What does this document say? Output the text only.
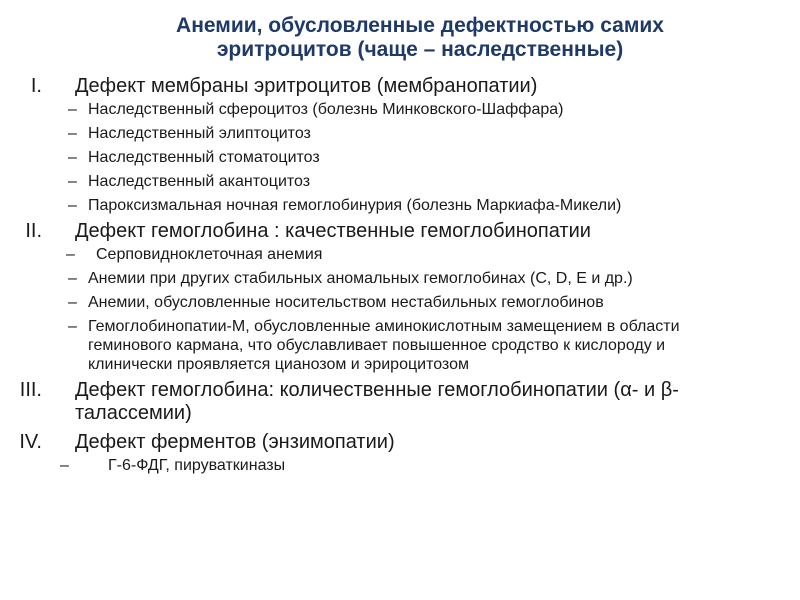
Анемии, обусловленные дефектностью самих
эритроцитов (чаще – наследственные)
I. Дефект мембраны эритроцитов (мембранопатии)
– Наследственный сфероцитоз (болезнь Минковского-Шаффара)
– Наследственный элиптоцитоз
– Наследственный стоматоцитоз
– Наследственный акантоцитоз
– Пароксизмальная ночная гемоглобинурия (болезнь Маркиафа-Микели)
II. Дефект гемоглобина : качественные гемоглобинопатии
– Серповидноклеточная анемия
– Анемии при других стабильных аномальных гемоглобинах (C, D, E и др.)
– Анемии, обусловленные носительством нестабильных гемоглобинов
– Гемоглобинопатии-М, обусловленные аминокислотным замещением в области геминового кармана, что обуславливает повышенное сродство к кислороду и клинически проявляется цианозом и эрироцитозом
III. Дефект гемоглобина: количественные гемоглобинопатии (α- и β-талассемии)
IV. Дефект ферментов (энзимопатии)
– Г-6-ФДГ, пируваткиназы
